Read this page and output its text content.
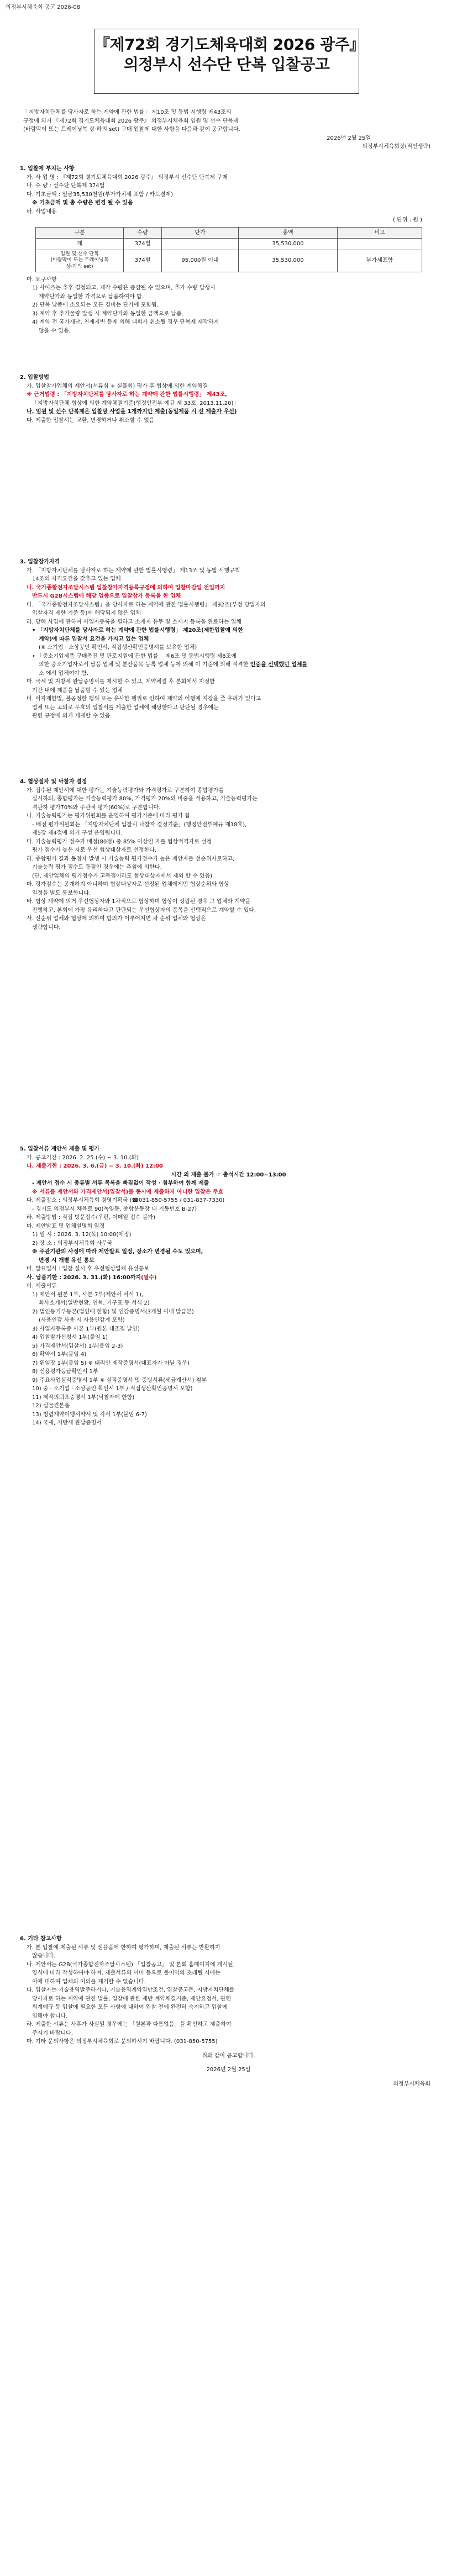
의정부시체육회 공고 2026-08
『제72회 경기도체육대회 2026 광주』
의정부시 선수단 단복 입찰공고

「지방자치단체를 당사자로 하는 계약에 관한 법률」 제10조 및 동법 시행령 제43조의

규정에 의거 『제72회 경기도체육대회 2026 광주』 의정부시체육회 임원 및 선수 단복제

(바람막이 또는 트레이닝복 상·하의 set) 구매 입찰에 대한 사항을 다음과 같이 공고합니다.

2026년 2월 25일

의정부시체육회장(직인생략)

1. 입찰에 부치는 사항

가. 사 업 명 : 『제72회 경기도체육대회 2026 광주』 의정부시 선수단 단복제 구매

나. 수 량 : 선수단 단복제 374벌

다. 기초금액 : 일금35,530천원(부가가치세 포함 / 카드결제)

※ 기초금액 및 총 수량은 변경 될 수 있음

라. 사업내용

( 단위 : 원 )

구분	수량	단가	총액	비고
계	374벌		35,530,000	

임원 및 선수 단복
(바람막이 또는 트레이닝복
상·하의 set)	374벌	95,000원 이내	35,530,000	부가세포함

마. 요구사항

1) 사이즈는 추후 결정되고, 제작 수량은 증감될 수 있으며, 추가 수량 발생시

계약단가와 동일한 가격으로 납품하여야 함.

2) 단복 납품에 소요되는 모든 경비는 단가에 포함됨.

3) 계약 후 추가물량 발생 시 계약단가와 동일한 금액으로 납품.

4) 계약 전 국가재난, 천재지변 등에 의해 대회가 취소될 경우 단복제 제작하지

않을 수 있음.

2. 입찰방법

가. 입찰참가업체의 제안서(서류심 + 실물회) 평가 후 협상에 의한 계약체결

※ 근거법령 : 「지방자치단체를 당사자로 하는 계약에 관한 법률시행령」 제43조,

「지방자치단체 협상에 의한 계약체결기준(행정안전부 예규 제 33호, 2013.11.20)」

나. 임원 및 선수 단복제은 입찰당 사업을 1개까지만 제출(동일제품 시 선 제출자 우선)

다. 제출한 입찰서는 교환, 변경하거나 취소할 수 없음

3. 입찰참가자격

가. 「지방자치단체를 당사자로 하는 계약에 관한 법률시행령」 제13조 및 동법 시행규칙

14조의 자격요건을 갖추고 있는 업체

나. 국가종합전자조달시스템 입찰참가자격등록규정에 의하여 입찰마감일 전일까지

반드시 G2B시스템에 해당 업종으로 입찰참가 등록을 한 업체

다. 「국가종합전자조달시스템」을 당사자로 하는 계약에 관한 법률시행령」 제92조(부정 당업자의

입찰자격 제한 기준 등)에 해당되지 않은 업체

라. 당해 사업에 관하여 사업자등록을 필하고 소재지 유무 및 소재지 등록을 완료하는 업체

• 「지방자치단체를 당사자로 하는 계약에 관한 법률시행령」 제20조(제한입찰에 의한

계약)에 따른 입찰서 요건을 가지고 있는 업체

(※ 소기업 · 소상공인 확인서, 직접생산확인증명서를 보유한 업체)

• 「중소기업제품 구매촉진 및 판로지원에 관한 법률」 제6조 및 동법시행령 제8조에

의한 중소기업자로서 납품 업체 및 분산품목 등록 업체 등에 의해 이 기준에 의해 적격한 인증을 선택했던 업체를

소 에서 업체여야 함.

마. 국세 및 지방세 완납증명서를 제시할 수 있고, 계약체결 후 본회에서 지정한

기간 내에 제품을 납품할 수 있는 업체

바. 이자제한법, 불공정한 행위 또는 유사한 행위로 인하여 계약의 이행에 지장을 줄 우려가 있다고

업체 또는 고의로 무효의 입찰서를 제출한 업체에 해당한다고 판단될 경우에는

관련 규정에 의거 제재할 수 있음

4. 협상절차 및 낙찰자 결정

가. 접수된 제안서에 대한 평가는 기술능력평가와 가격평가로 구분하여 종합평가를

실시하되, 종합평가는 기술능력평가 80%, 가격평가 20%의 비중을 적용하고, 기술능력평가는

격관하 평가70%와 주관적 평가(60%)로 구분합니다.

나. 기술능력평가는 평가위원회를 운영하여 평가기준에 따라 평가 함.

- 배점 평가위원회는 「지방자치단체 입찰시 낙찰자 결정기준」(행정안전부예규 제18호),

제5장 제4절에 의거 구성 운영됩니다.

다. 기술능력평가 점수가 배점(80점) 중 85% 이상인 자를 협상적격자로 선정

평가 점수가 높은 자로 우선 협상대상자로 선정한다.

라. 종합평가 결과 동점자 발생 시 기술능력 평가점수가 높은 제안자를 선순위자로하고,

기술능력 평가 점수도 동점인 경우에는 추첨에 의한다.

(단, 제안업체의 평가점수가 고득점이라도 협상대상자에서 제외 할 수 있음)

마. 평가점수는 공개하지 아니하며 협상대상자로 선정된 업체에게만 협상순위와 협상

일정을 별도 통보함니다.

바. 협상 계약에 의거 우선협상자와 1차적으로 협상하며 협상이 성립된 경우 그 업체와 계약을

진행하고, 본회에 가장 유리하다고 판단되는 우선협상자의 품목을 선택적으로 계약할 수 있다.

사. 선순위 업체와 협상에 의하여 합의가 이루어지면 차 순위 업체와 협상은

생략합니다.

5. 입찰서류 제안서 제출 및 평가

가. 공고기간 : 2026. 2. 25.(수) ~ 3. 10.(화)

나. 제출기한 : 2026. 3. 6.(금) ~ 3. 10.(화) 12:00

시간 외 제출 불가 ☞ 충석시간 12:00~13:00

- 제안서 접수 시 총류별 서류 목록을 빠짐없이 작성 · 첨부하여 함께 제출

※ 서류를 제안서와 가격제안서(입찰서)를 동시에 제출하지 아니한 입찰은 무효

다. 제출장소 : 의정부시체육회 경영기획국 (☎031-850-5755 / 031-837-7330)

- 경기도 의정부시 체육로 90(녹양동, 종합운동장 내 기동빈호 B-27)

라. 제출방법 : 직접 방문접수(우편, 이메일 접수 불가)

마. 제안발표 및 업체설명회 일정

1) 일 시 : 2026. 3. 12(목) 10:00(예정)

2) 장 소 : 의정부시체육회 사무국

※ 주관기관의 사정에 따라 제안발표 일정, 장소가 변경될 수도 있으며,

변경 시 개별 유선 통보

바. 발표일시 : 입찰 실시 후 우선협상업체 유선통보

사. 납품기한 : 2026. 3. 31.(화) 16:00까지(필수)

아. 제출서류

1) 제안서 원본 1부, 사본 7부(제안서 서식 1),

회사소개서(일반현황, 연혁, 기구표 등 서식 2)

2) 법인등기부등본(법인에 한함) 및 인감증명서(3개월 이내 발급본)

(사용인감 사용 시 사용인감계 포함)

3) 사업자등록증 사본 1부(원본 대조필 날인)

4) 입찰참가신청서 1부(붙임 1)

5) 가격제안서(입찰서) 1부(붙임 2-3)

6) 확약서 1부(붙임 4)

7) 위임장 1부(붙임 5) ※ 대리인 제작증명서(대표자가 아닐 경우)

8) 신용평가등급확인서 1부

9) 주요사업실적증명서 1부 ※ 실적증명서 및 증빙서류(세금계산서) 첨부

10) 중 · 소기업 · 소상공인 확인서 1부 / 직접생산확인증명서 포함)

11) 제작의뢰포증명서 1부(낙찰자에 한함)

12) 실물견본품

13) 청렴계약이행서약서 및 각서 1부(붙임 6-7)

14) 국세, 지방세 완납증명서

6. 기타 참고사항

가. 본 입찰에 제출된 서류 및 샘플품에 한하여 평가하며, 제출된 서류는 반환하지

않습니다.

나. 제안서는 G2B(국가종합전자조달시스템) 「입찰공고」 및 본회 홈페이지에 게시된

양식에 따라 작성하여야 하며, 제출서류의 이미 등으로 불이익의 초래될 시에는

이에 대하여 업체의 이의를 제기할 수 없습니다.

다. 입찰자는 기술용역발주하거나, 기술용역계약일반조건, 입찰공고문, 지방자치단체를

당사자로 하는 계약에 관한 법률, 입찰에 관한 제반 계약체결기준, 제안요청서, 관련

회계예규 등 입찰에 필요한 모든 사항에 대하여 입찰 전에 완전히 숙지하고 입찰에

임해야 합니다.

라. 제출한 서류는 사후가 사실일 경우에는 「원본과 다름없음」을 확인하고 제출하여

주시기 바랍니다.

마. 기타 문의사항은 의정부시체육회로 문의하시기 바랍니다. (031-850-5755)

위와 같이 공고합니다.

2026년 2월 25일

의정부시체육회
